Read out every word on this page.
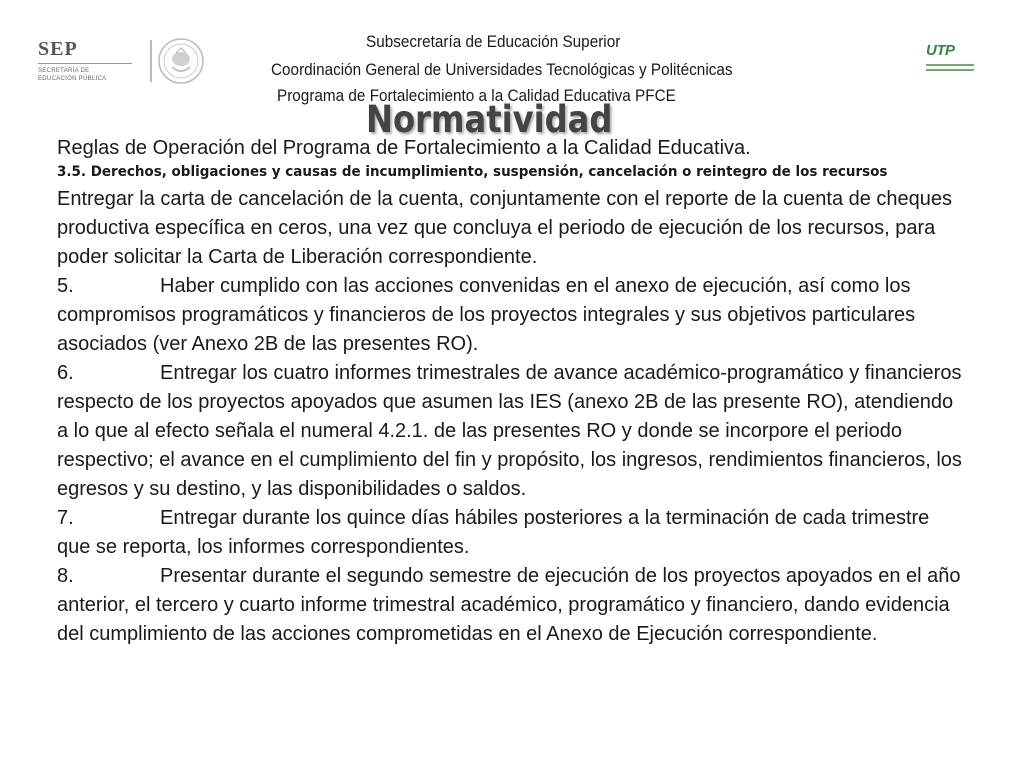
SEP
SECRETARÍA DE
EDUCACIÓN PÚBLICA
UTP
Subsecretaría de Educación Superior
Coordinación General de Universidades Tecnológicas y Politécnicas
Programa de Fortalecimiento a la Calidad Educativa PFCE
Normatividad

Reglas de Operación del Programa de Fortalecimiento a la Calidad Educativa.

3.5. Derechos, obligaciones y causas de incumplimiento, suspensión, cancelación o reintegro de los recursos

Entregar la carta de cancelación de la cuenta, conjuntamente con el reporte de la cuenta de cheques productiva específica en ceros, una vez que concluya el periodo de ejecución de los recursos, para poder solicitar la Carta de Liberación correspondiente.

5.	Haber cumplido con las acciones convenidas en el anexo de ejecución, así como los compromisos programáticos y financieros de los proyectos integrales y sus objetivos particulares asociados (ver Anexo 2B de las presentes RO).

6.	Entregar los cuatro informes trimestrales de avance académico-programático y financieros respecto de los proyectos apoyados que asumen las IES (anexo 2B de las presente RO), atendiendo a lo que al efecto señala el numeral 4.2.1. de las presentes RO y donde se incorpore el periodo respectivo; el avance en el cumplimiento del fin y propósito, los ingresos, rendimientos financieros, los egresos y su destino, y las disponibilidades o saldos.

7.	Entregar durante los quince días hábiles posteriores a la terminación de cada trimestre que se reporta, los informes correspondientes.

8.	Presentar durante el segundo semestre de ejecución de los proyectos apoyados en el año anterior, el tercero y cuarto informe trimestral académico, programático y financiero, dando evidencia del cumplimiento de las acciones comprometidas en el Anexo de Ejecución correspondiente.
